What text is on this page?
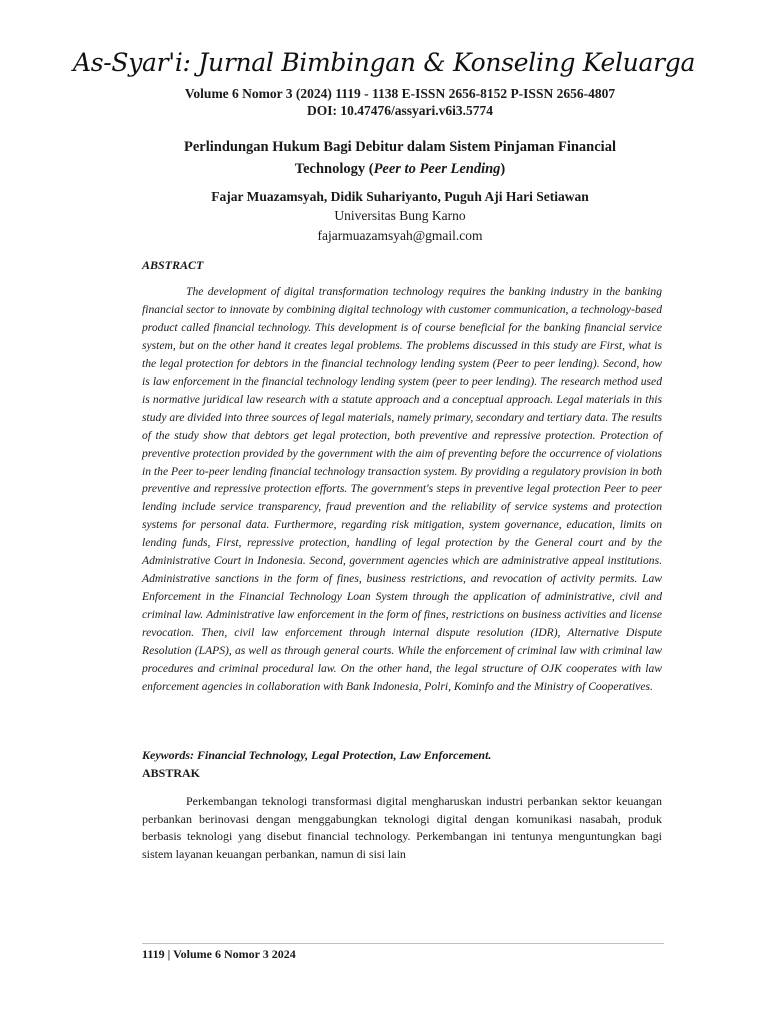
As-Syar'i: Jurnal Bimbingan & Konseling Keluarga
Volume 6 Nomor 3 (2024) 1119 - 1138 E-ISSN 2656-8152 P-ISSN 2656-4807
DOI: 10.47476/assyari.v6i3.5774
Perlindungan Hukum Bagi Debitur dalam Sistem Pinjaman Financial Technology (Peer to Peer Lending)
Fajar Muazamsyah, Didik Suhariyanto, Puguh Aji Hari Setiawan
Universitas Bung Karno
fajarmuazamsyah@gmail.com
ABSTRACT

The development of digital transformation technology requires the banking industry in the banking financial sector to innovate by combining digital technology with customer communication, a technology-based product called financial technology. This development is of course beneficial for the banking financial service system, but on the other hand it creates legal problems. The problems discussed in this study are First, what is the legal protection for debtors in the financial technology lending system (Peer to peer lending). Second, how is law enforcement in the financial technology lending system (peer to peer lending). The research method used is normative juridical law research with a statute approach and a conceptual approach. Legal materials in this study are divided into three sources of legal materials, namely primary, secondary and tertiary data. The results of the study show that debtors get legal protection, both preventive and repressive protection. Protection of preventive protection provided by the government with the aim of preventing before the occurrence of violations in the Peer to-peer lending financial technology transaction system. By providing a regulatory provision in both preventive and repressive protection efforts. The government's steps in preventive legal protection Peer to peer lending include service transparency, fraud prevention and the reliability of service systems and protection systems for personal data. Furthermore, regarding risk mitigation, system governance, education, limits on lending funds, First, repressive protection, handling of legal protection by the General court and by the Administrative Court in Indonesia. Second, government agencies which are administrative appeal institutions. Administrative sanctions in the form of fines, business restrictions, and revocation of activity permits. Law Enforcement in the Financial Technology Loan System through the application of administrative, civil and criminal law. Administrative law enforcement in the form of fines, restrictions on business activities and license revocation. Then, civil law enforcement through internal dispute resolution (IDR), Alternative Dispute Resolution (LAPS), as well as through general courts. While the enforcement of criminal law with criminal law procedures and criminal procedural law. On the other hand, the legal structure of OJK cooperates with law enforcement agencies in collaboration with Bank Indonesia, Polri, Kominfo and the Ministry of Cooperatives.

Keywords: Financial Technology, Legal Protection, Law Enforcement.
ABSTRAK

Perkembangan teknologi transformasi digital mengharuskan industri perbankan sektor keuangan perbankan berinovasi dengan menggabungkan teknologi digital dengan komunikasi nasabah, produk berbasis teknologi yang disebut financial technology. Perkembangan ini tentunya menguntungkan bagi sistem layanan keuangan perbankan, namun di sisi lain

1119 | Volume 6 Nomor 3 2024
